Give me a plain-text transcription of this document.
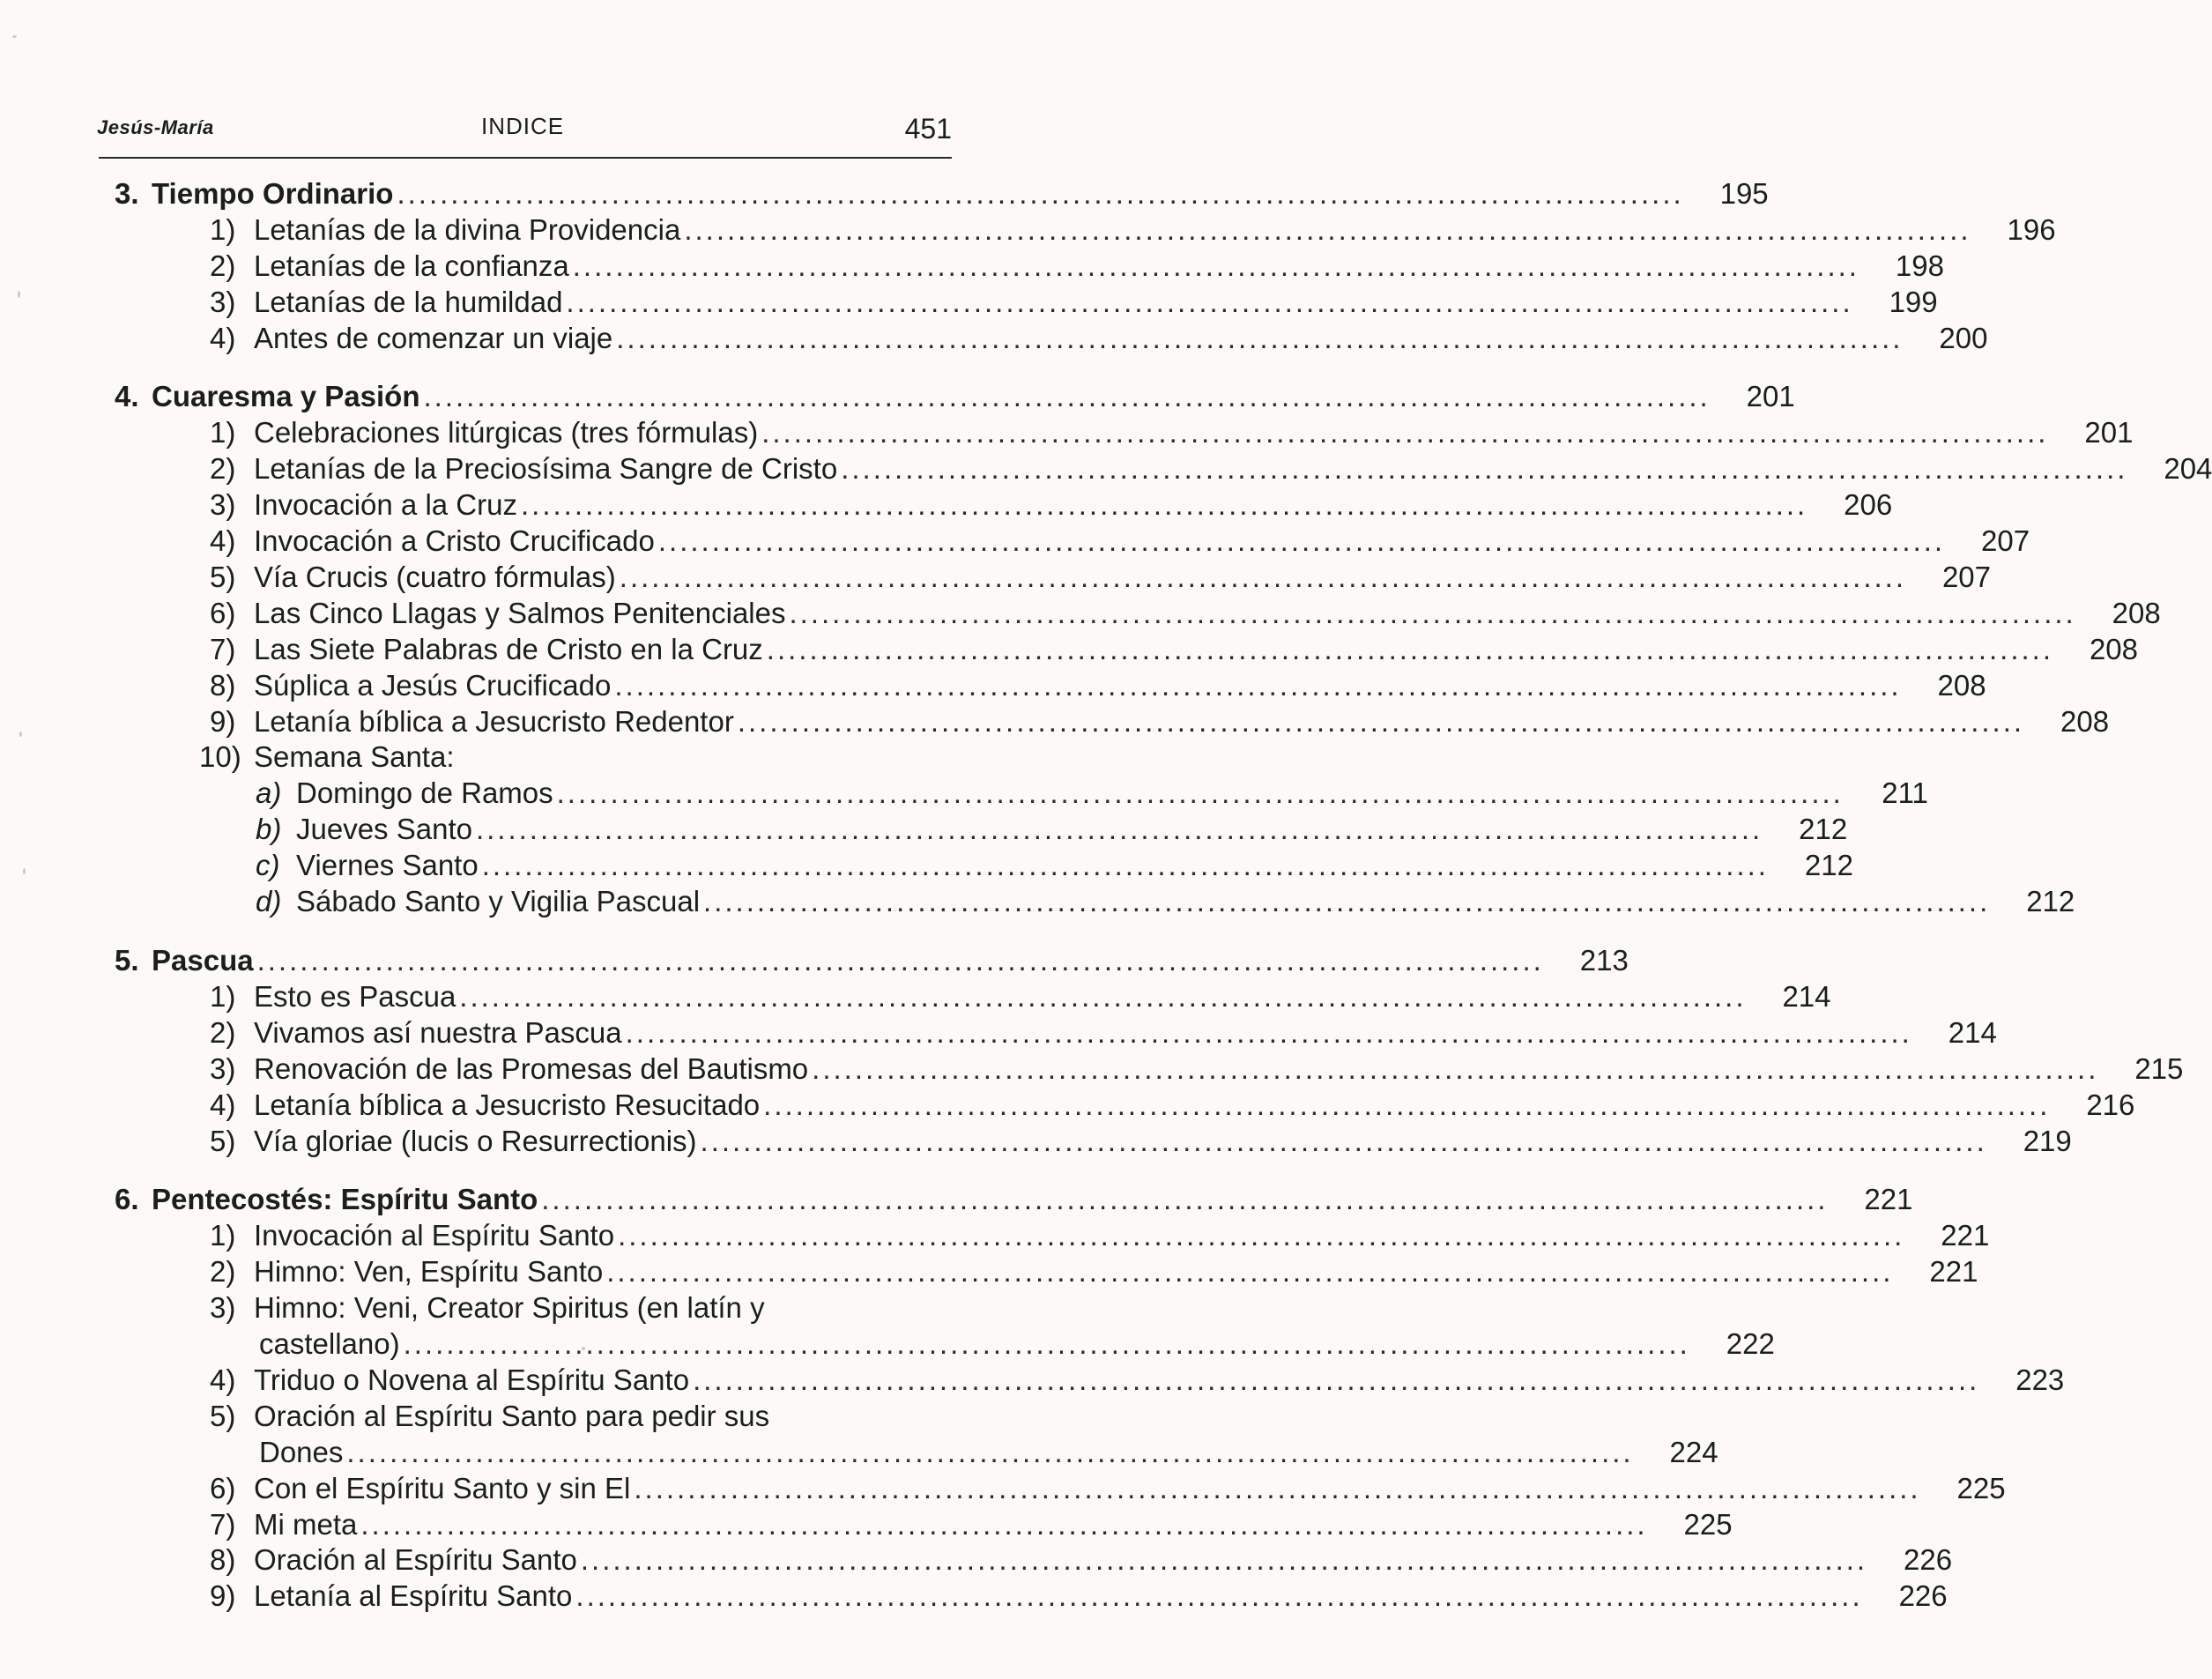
Jesús-María	INDICE	451
3. Tiempo Ordinario ........................................................................................................................	195
1) Letanías de la divina Providencia ........................................................................................................................	196
2) Letanías de la confianza ........................................................................................................................	198
3) Letanías de la humildad ........................................................................................................................	199
4) Antes de comenzar un viaje ........................................................................................................................	200
4. Cuaresma y Pasión ........................................................................................................................	201
1) Celebraciones litúrgicas (tres fórmulas) ........................................................................................................................	201
2) Letanías de la Preciosísima Sangre de Cristo ........................................................................................................................	204
3) Invocación a la Cruz ........................................................................................................................	206
4) Invocación a Cristo Crucificado ........................................................................................................................	207
5) Vía Crucis (cuatro fórmulas) ........................................................................................................................	207
6) Las Cinco Llagas y Salmos Penitenciales ........................................................................................................................	208
7) Las Siete Palabras de Cristo en la Cruz ........................................................................................................................	208
8) Súplica a Jesús Crucificado ........................................................................................................................	208
9) Letanía bíblica a Jesucristo Redentor ........................................................................................................................	208
10) Semana Santa:
a) Domingo de Ramos ........................................................................................................................	211
b) Jueves Santo ........................................................................................................................	212
c) Viernes Santo ........................................................................................................................	212
d) Sábado Santo y Vigilia Pascual ........................................................................................................................	212
5. Pascua ........................................................................................................................	213
1) Esto es Pascua ........................................................................................................................	214
2) Vivamos así nuestra Pascua ........................................................................................................................	214
3) Renovación de las Promesas del Bautismo ........................................................................................................................	215
4) Letanía bíblica a Jesucristo Resucitado ........................................................................................................................	216
5) Vía gloriae (lucis o Resurrectionis) ........................................................................................................................	219
6. Pentecostés: Espíritu Santo ........................................................................................................................	221
1) Invocación al Espíritu Santo ........................................................................................................................	221
2) Himno: Ven, Espíritu Santo ........................................................................................................................	221
3) Himno: Veni, Creator Spiritus (en latín y
castellano) ........................................................................................................................	222
4) Triduo o Novena al Espíritu Santo ........................................................................................................................	223
5) Oración al Espíritu Santo para pedir sus
Dones ........................................................................................................................	224
6) Con el Espíritu Santo y sin El ........................................................................................................................	225
7) Mi meta ........................................................................................................................	225
8) Oración al Espíritu Santo ........................................................................................................................	226
9) Letanía al Espíritu Santo ........................................................................................................................	226
